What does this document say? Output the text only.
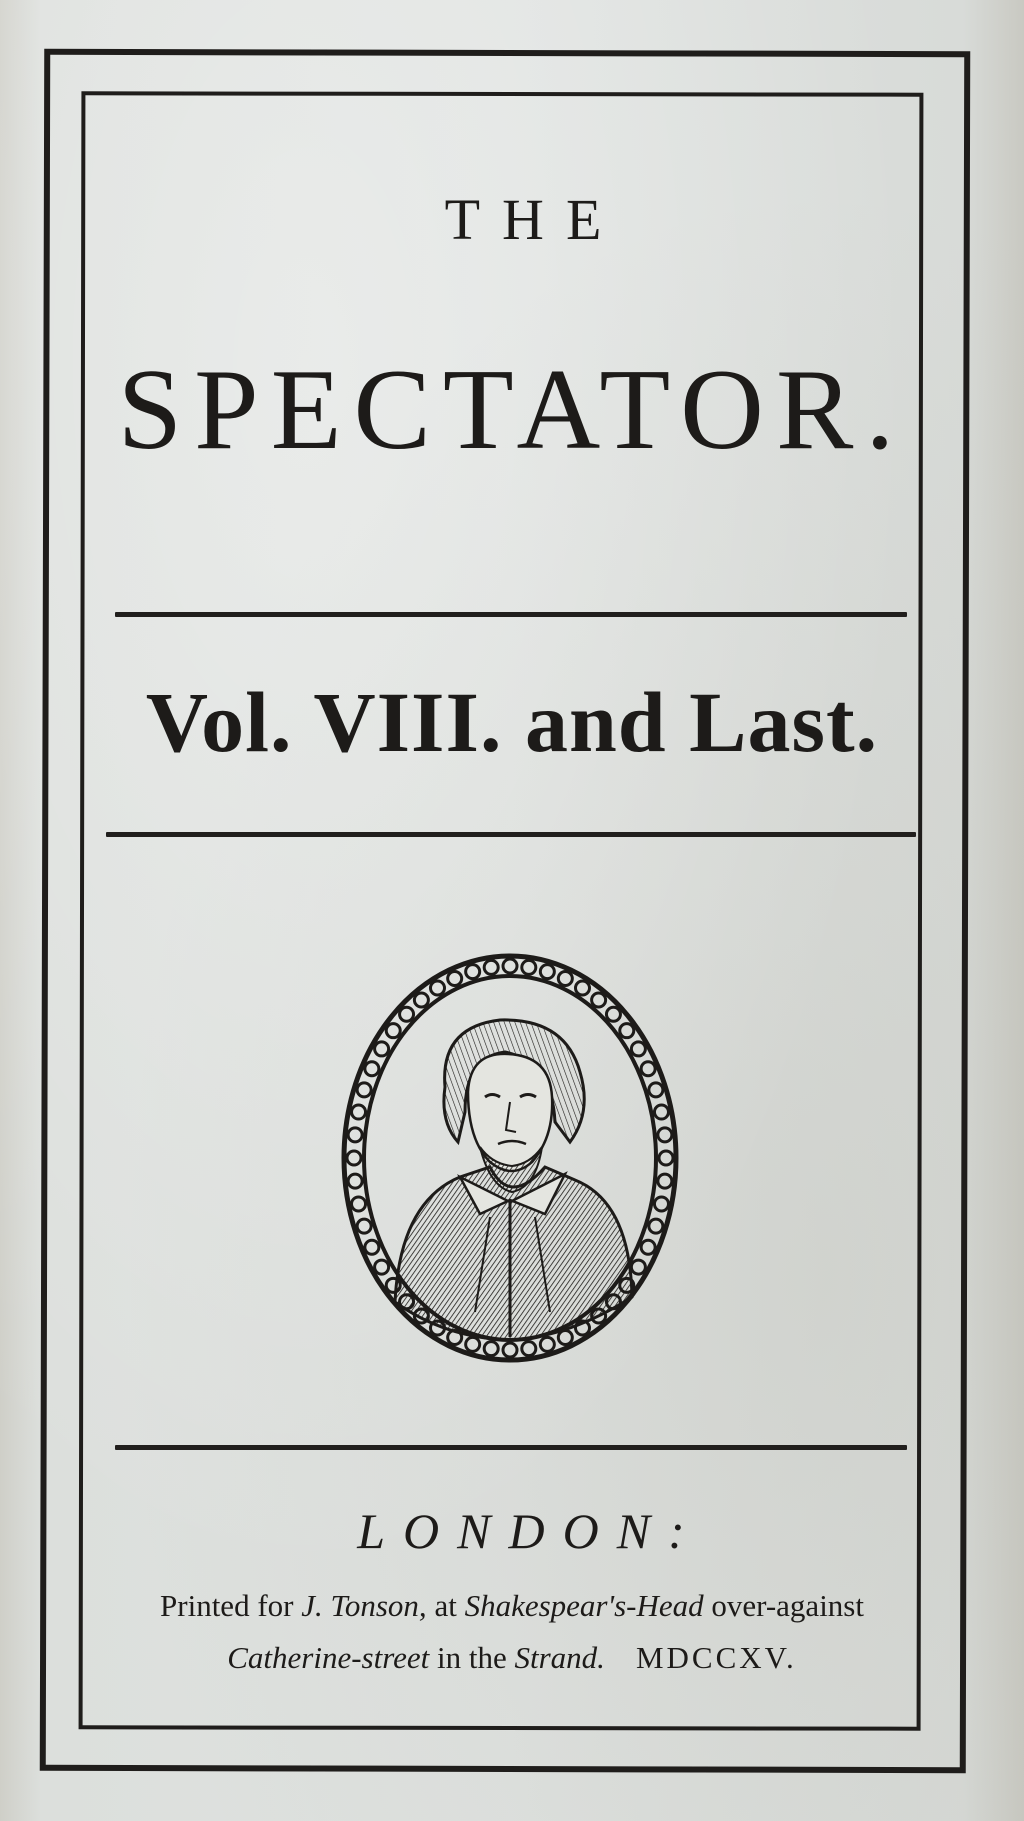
THE
SPECTATOR.
Vol. VIII. and Last.
LONDON:
Printed for J. Tonson, at Shakespear's-Head over-against
Catherine-street in the Strand. MDCCXV.
